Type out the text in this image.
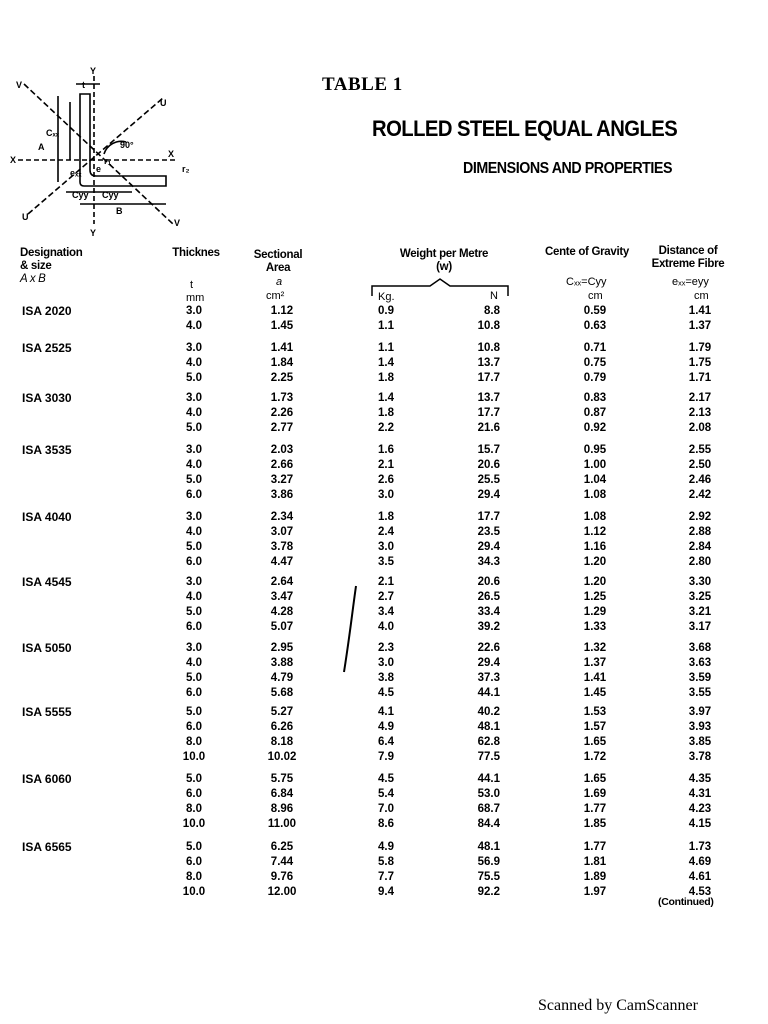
Y
Y
V
V
U
U
X
X
t
Cₓₓ
90°
r₁
r₂
e
A
B
Cyy Cyy
eₓₓ
TABLE 1
ROLLED STEEL EQUAL ANGLES
DIMENSIONS AND PROPERTIES
Designation
& size
A x B
Thicknes
t
mm
Sectional
Area
a
cm²
Weight per Metre
(w)
Kg.	N
Cente of Gravity
Cₓₓ=Cyy
cm
Distance of
Extreme Fibre
eₓₓ=eyy
cm
ISA 2020	3.0	1.12	0.9	8.8	0.59	1.41
4.0	1.45	1.1	10.8	0.63	1.37
ISA 2525	3.0	1.41	1.1	10.8	0.71	1.79
4.0	1.84	1.4	13.7	0.75	1.75
5.0	2.25	1.8	17.7	0.79	1.71
ISA 3030	3.0	1.73	1.4	13.7	0.83	2.17
4.0	2.26	1.8	17.7	0.87	2.13
5.0	2.77	2.2	21.6	0.92	2.08
ISA 3535	3.0	2.03	1.6	15.7	0.95	2.55
4.0	2.66	2.1	20.6	1.00	2.50
5.0	3.27	2.6	25.5	1.04	2.46
6.0	3.86	3.0	29.4	1.08	2.42
ISA 4040	3.0	2.34	1.8	17.7	1.08	2.92
4.0	3.07	2.4	23.5	1.12	2.88
5.0	3.78	3.0	29.4	1.16	2.84
6.0	4.47	3.5	34.3	1.20	2.80
ISA 4545	3.0	2.64	2.1	20.6	1.20	3.30
4.0	3.47	2.7	26.5	1.25	3.25
5.0	4.28	3.4	33.4	1.29	3.21
6.0	5.07	4.0	39.2	1.33	3.17
ISA 5050	3.0	2.95	2.3	22.6	1.32	3.68
4.0	3.88	3.0	29.4	1.37	3.63
5.0	4.79	3.8	37.3	1.41	3.59
6.0	5.68	4.5	44.1	1.45	3.55
ISA 5555	5.0	5.27	4.1	40.2	1.53	3.97
6.0	6.26	4.9	48.1	1.57	3.93
8.0	8.18	6.4	62.8	1.65	3.85
10.0	10.02	7.9	77.5	1.72	3.78
ISA 6060	5.0	5.75	4.5	44.1	1.65	4.35
6.0	6.84	5.4	53.0	1.69	4.31
8.0	8.96	7.0	68.7	1.77	4.23
10.0	11.00	8.6	84.4	1.85	4.15
ISA 6565	5.0	6.25	4.9	48.1	1.77	1.73
6.0	7.44	5.8	56.9	1.81	4.69
8.0	9.76	7.7	75.5	1.89	4.61
10.0	12.00	9.4	92.2	1.97	4.53
(Continued)
Scanned by CamScanner
